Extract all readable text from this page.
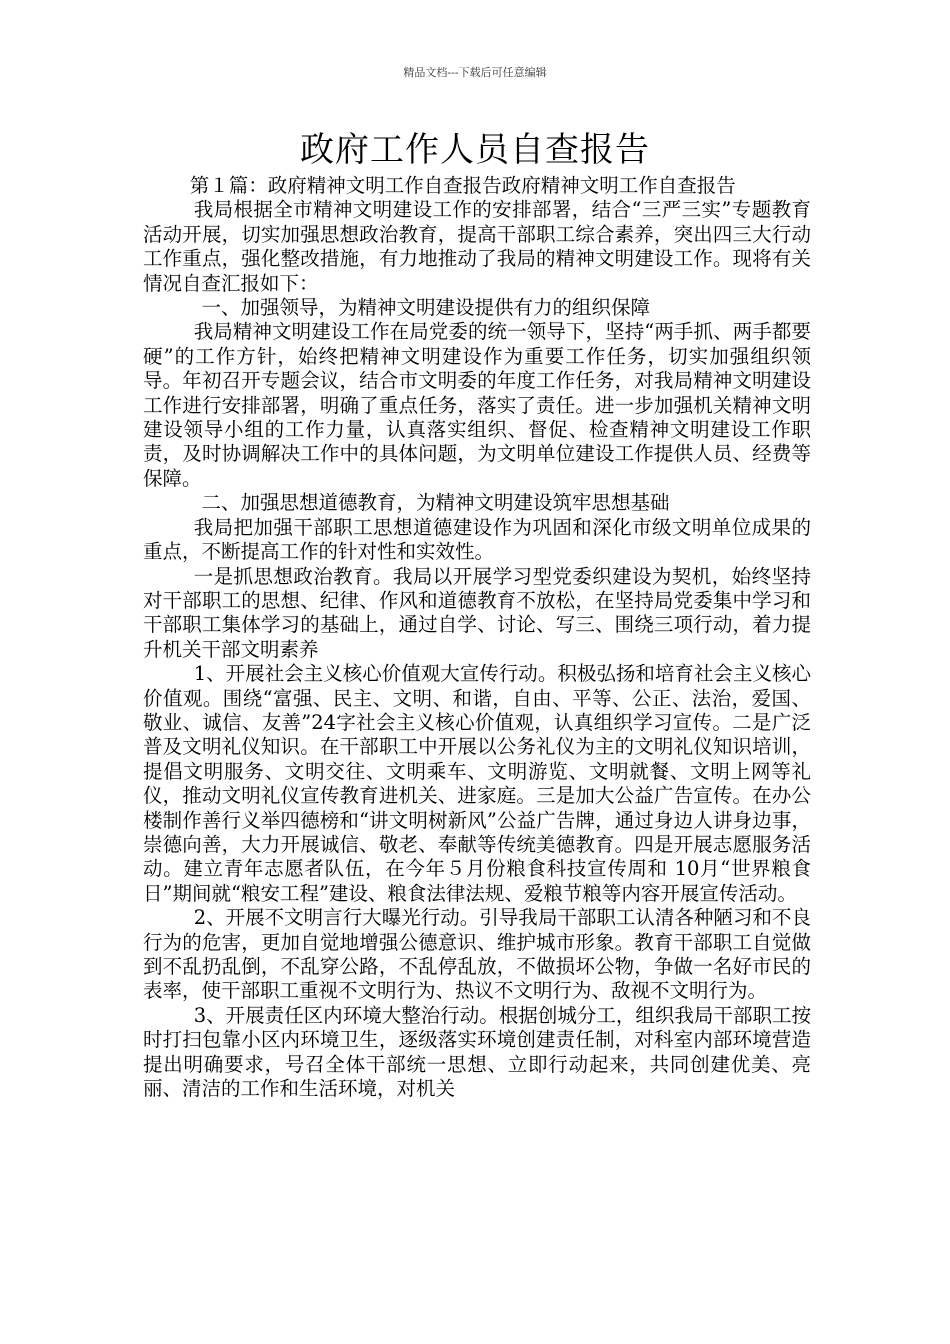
精品文档---下载后可任意编辑
政府工作人员自查报告

第１篇：政府精神文明工作自查报告政府精神文明工作自查报告

我局根据全市精神文明建设工作的安排部署，结合“三严三实”专题教育活动开展，切实加强思想政治教育，提高干部职工综合素养，突出四三大行动工作重点，强化整改措施，有力地推动了我局的精神文明建设工作。现将有关情况自查汇报如下：

一、加强领导，为精神文明建设提供有力的组织保障

我局精神文明建设工作在局党委的统一领导下，坚持“两手抓、两手都要硬”的工作方针，始终把精神文明建设作为重要工作任务，切实加强组织领导。年初召开专题会议，结合市文明委的年度工作任务，对我局精神文明建设工作进行安排部署，明确了重点任务，落实了责任。进一步加强机关精神文明建设领导小组的工作力量，认真落实组织、督促、检查精神文明建设工作职责，及时协调解决工作中的具体问题，为文明单位建设工作提供人员、经费等保障。

二、加强思想道德教育，为精神文明建设筑牢思想基础

我局把加强干部职工思想道德建设作为巩固和深化市级文明单位成果的重点，不断提高工作的针对性和实效性。

一是抓思想政治教育。我局以开展学习型党委织建设为契机，始终坚持对干部职工的思想、纪律、作风和道德教育不放松，在坚持局党委集中学习和干部职工集体学习的基础上，通过自学、讨论、写三、围绕三项行动，着力提升机关干部文明素养

1、开展社会主义核心价值观大宣传行动。积极弘扬和培育社会主义核心价值观。围绕“富强、民主、文明、和谐，自由、平等、公正、法治，爱国、敬业、诚信、友善”24字社会主义核心价值观，认真组织学习宣传。二是广泛普及文明礼仪知识。在干部职工中开展以公务礼仪为主的文明礼仪知识培训，提倡文明服务、文明交往、文明乘车、文明游览、文明就餐、文明上网等礼仪，推动文明礼仪宣传教育进机关、进家庭。三是加大公益广告宣传。在办公楼制作善行义举四德榜和“讲文明树新风”公益广告牌，通过身边人讲身边事，崇德向善，大力开展诚信、敬老、奉献等传统美德教育。四是开展志愿服务活动。建立青年志愿者队伍，在今年５月份粮食科技宣传周和 10月“世界粮食日”期间就“粮安工程”建设、粮食法律法规、爱粮节粮等内容开展宣传活动。

2、开展不文明言行大曝光行动。引导我局干部职工认清各种陋习和不良行为的危害，更加自觉地增强公德意识、维护城市形象。教育干部职工自觉做到不乱扔乱倒，不乱穿公路，不乱停乱放，不做损坏公物，争做一名好市民的表率，使干部职工重视不文明行为、热议不文明行为、敌视不文明行为。

3、开展责任区内环境大整治行动。根据创城分工，组织我局干部职工按时打扫包靠小区内环境卫生，逐级落实环境创建责任制，对科室内部环境营造提出明确要求，号召全体干部统一思想、立即行动起来，共同创建优美、亮丽、清洁的工作和生活环境，对机关
